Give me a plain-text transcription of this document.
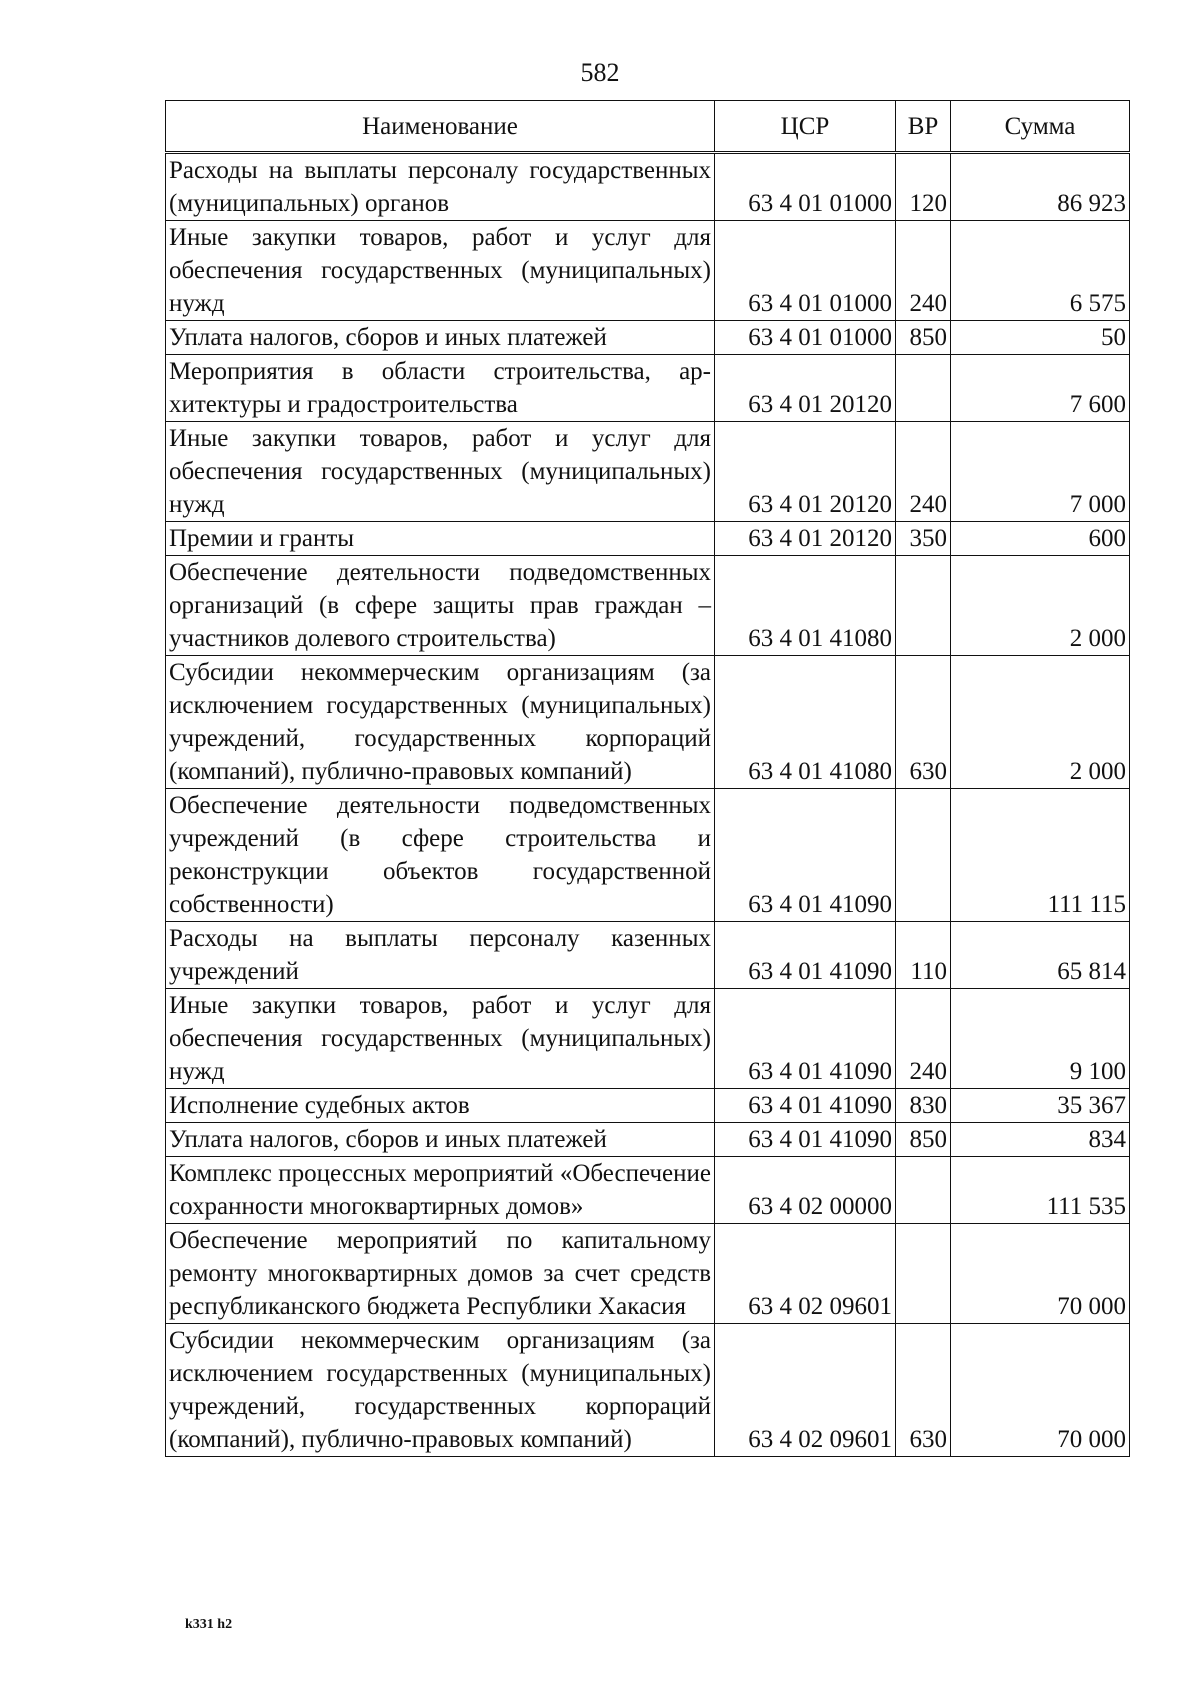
582
Наименование	ЦСР	ВР	Сумма
Расходы на выплаты персоналу государственных (муниципальных) органов	63 4 01 01000	120	86 923
Иные закупки товаров, работ и услуг для обеспечения государственных (муниципальных) нужд	63 4 01 01000	240	6 575
Уплата налогов, сборов и иных платежей	63 4 01 01000	850	50
Мероприятия в области строительства, архитектуры и градостроительства	63 4 01 20120		7 600
Иные закупки товаров, работ и услуг для обеспечения государственных (муниципальных) нужд	63 4 01 20120	240	7 000
Премии и гранты	63 4 01 20120	350	600
Обеспечение деятельности подведомственных организаций (в сфере защиты прав граждан – участников долевого строительства)	63 4 01 41080		2 000
Субсидии некоммерческим организациям (за исключением государственных (муниципальных) учреждений, государственных корпораций (компаний), публично-правовых компаний)	63 4 01 41080	630	2 000
Обеспечение деятельности подведомственных учреждений (в сфере строительства и реконструкции объектов государственной собственности)	63 4 01 41090		111 115
Расходы на выплаты персоналу казенных учреждений	63 4 01 41090	110	65 814
Иные закупки товаров, работ и услуг для обеспечения государственных (муниципальных) нужд	63 4 01 41090	240	9 100
Исполнение судебных актов	63 4 01 41090	830	35 367
Уплата налогов, сборов и иных платежей	63 4 01 41090	850	834
Комплекс процессных мероприятий «Обеспечение сохранности многоквартирных домов»	63 4 02 00000		111 535
Обеспечение мероприятий по капитальному ремонту многоквартирных домов за счет средств республиканского бюджета Республики Хакасия	63 4 02 09601		70 000
Субсидии некоммерческим организациям (за исключением государственных (муниципальных) учреждений, государственных корпораций (компаний), публично-правовых компаний)	63 4 02 09601	630	70 000
k331 h2
